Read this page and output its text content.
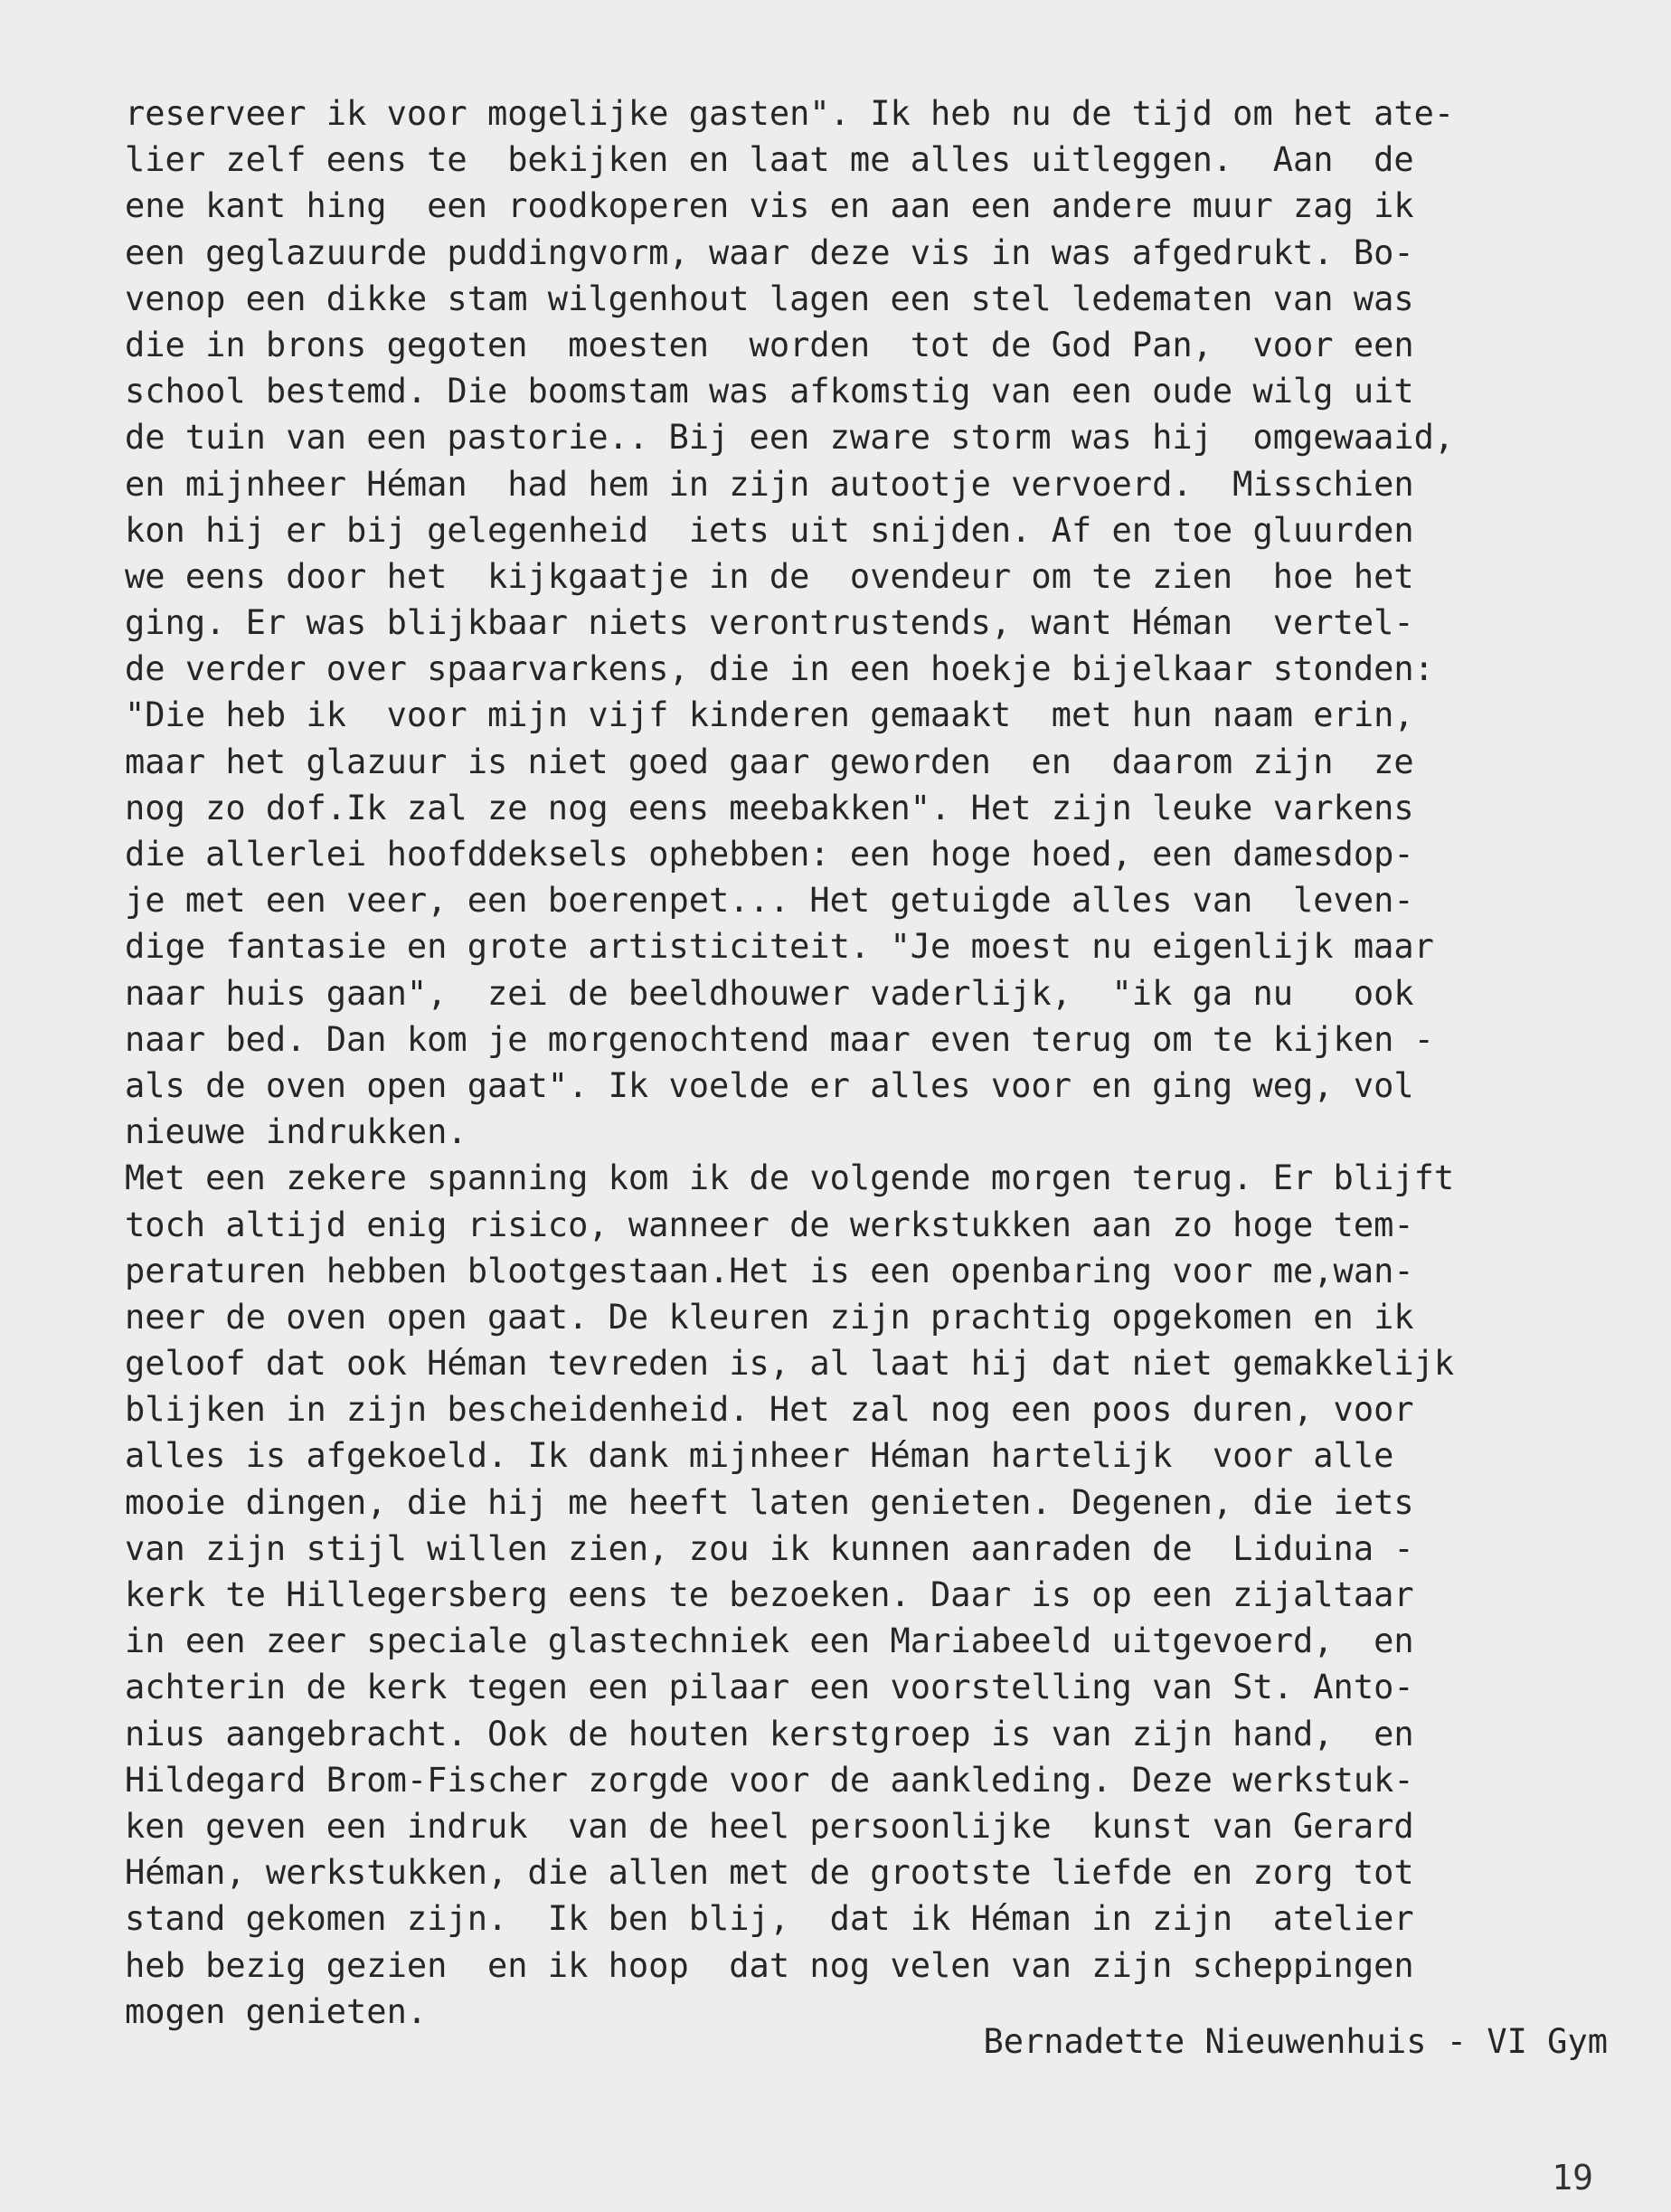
reserveer ik voor mogelijke gasten". Ik heb nu de tijd om het ate-
lier zelf eens te  bekijken en laat me alles uitleggen.  Aan  de
ene kant hing  een roodkoperen vis en aan een andere muur zag ik
een geglazuurde puddingvorm, waar deze vis in was afgedrukt. Bo-
venop een dikke stam wilgenhout lagen een stel ledematen van was
die in brons gegoten  moesten  worden  tot de God Pan,  voor een
school bestemd. Die boomstam was afkomstig van een oude wilg uit
de tuin van een pastorie.. Bij een zware storm was hij  omgewaaid,
en mijnheer Héman  had hem in zijn autootje vervoerd.  Misschien
kon hij er bij gelegenheid  iets uit snijden. Af en toe gluurden
we eens door het  kijkgaatje in de  ovendeur om te zien  hoe het
ging. Er was blijkbaar niets verontrustends, want Héman  vertel-
de verder over spaarvarkens, die in een hoekje bijelkaar stonden:
"Die heb ik  voor mijn vijf kinderen gemaakt  met hun naam erin,
maar het glazuur is niet goed gaar geworden  en  daarom zijn  ze
nog zo dof.Ik zal ze nog eens meebakken". Het zijn leuke varkens
die allerlei hoofddeksels ophebben: een hoge hoed, een damesdop-
je met een veer, een boerenpet... Het getuigde alles van  leven-
dige fantasie en grote artisticiteit. "Je moest nu eigenlijk maar
naar huis gaan",  zei de beeldhouwer vaderlijk,  "ik ga nu   ook
naar bed. Dan kom je morgenochtend maar even terug om te kijken -
als de oven open gaat". Ik voelde er alles voor en ging weg, vol
nieuwe indrukken.
Met een zekere spanning kom ik de volgende morgen terug. Er blijft
toch altijd enig risico, wanneer de werkstukken aan zo hoge tem-
peraturen hebben blootgestaan.Het is een openbaring voor me,wan-
neer de oven open gaat. De kleuren zijn prachtig opgekomen en ik
geloof dat ook Héman tevreden is, al laat hij dat niet gemakkelijk
blijken in zijn bescheidenheid. Het zal nog een poos duren, voor
alles is afgekoeld. Ik dank mijnheer Héman hartelijk  voor alle
mooie dingen, die hij me heeft laten genieten. Degenen, die iets
van zijn stijl willen zien, zou ik kunnen aanraden de  Liduina -
kerk te Hillegersberg eens te bezoeken. Daar is op een zijaltaar
in een zeer speciale glastechniek een Mariabeeld uitgevoerd,  en
achterin de kerk tegen een pilaar een voorstelling van St. Anto-
nius aangebracht. Ook de houten kerstgroep is van zijn hand,  en
Hildegard Brom-Fischer zorgde voor de aankleding. Deze werkstuk-
ken geven een indruk  van de heel persoonlijke  kunst van Gerard
Héman, werkstukken, die allen met de grootste liefde en zorg tot
stand gekomen zijn.  Ik ben blij,  dat ik Héman in zijn  atelier
heb bezig gezien  en ik hoop  dat nog velen van zijn scheppingen
mogen genieten.
Bernadette Nieuwenhuis - VI Gym
19
